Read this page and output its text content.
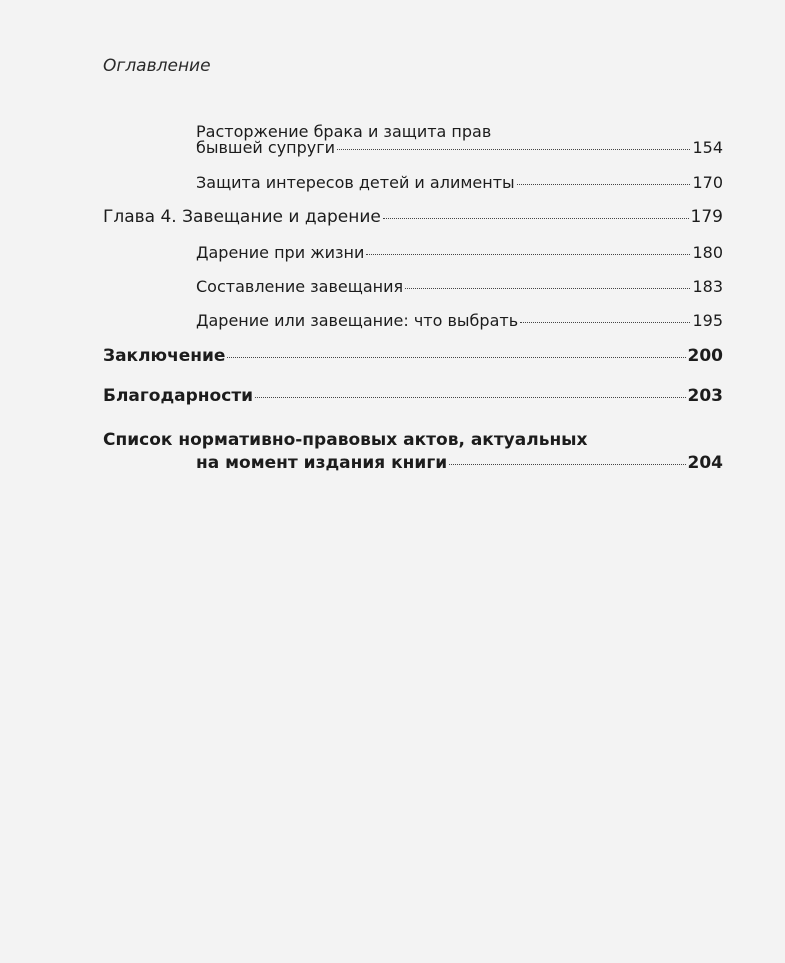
Оглавление
Расторжение брака и защита прав
бывшей супруги	154
Защита интересов детей и алименты	170
Глава 4. Завещание и дарение	179
Дарение при жизни	180
Составление завещания	183
Дарение или завещание: что выбрать	195
Заключение	200
Благодарности	203
Список нормативно-правовых актов, актуальных
на момент издания книги	204
